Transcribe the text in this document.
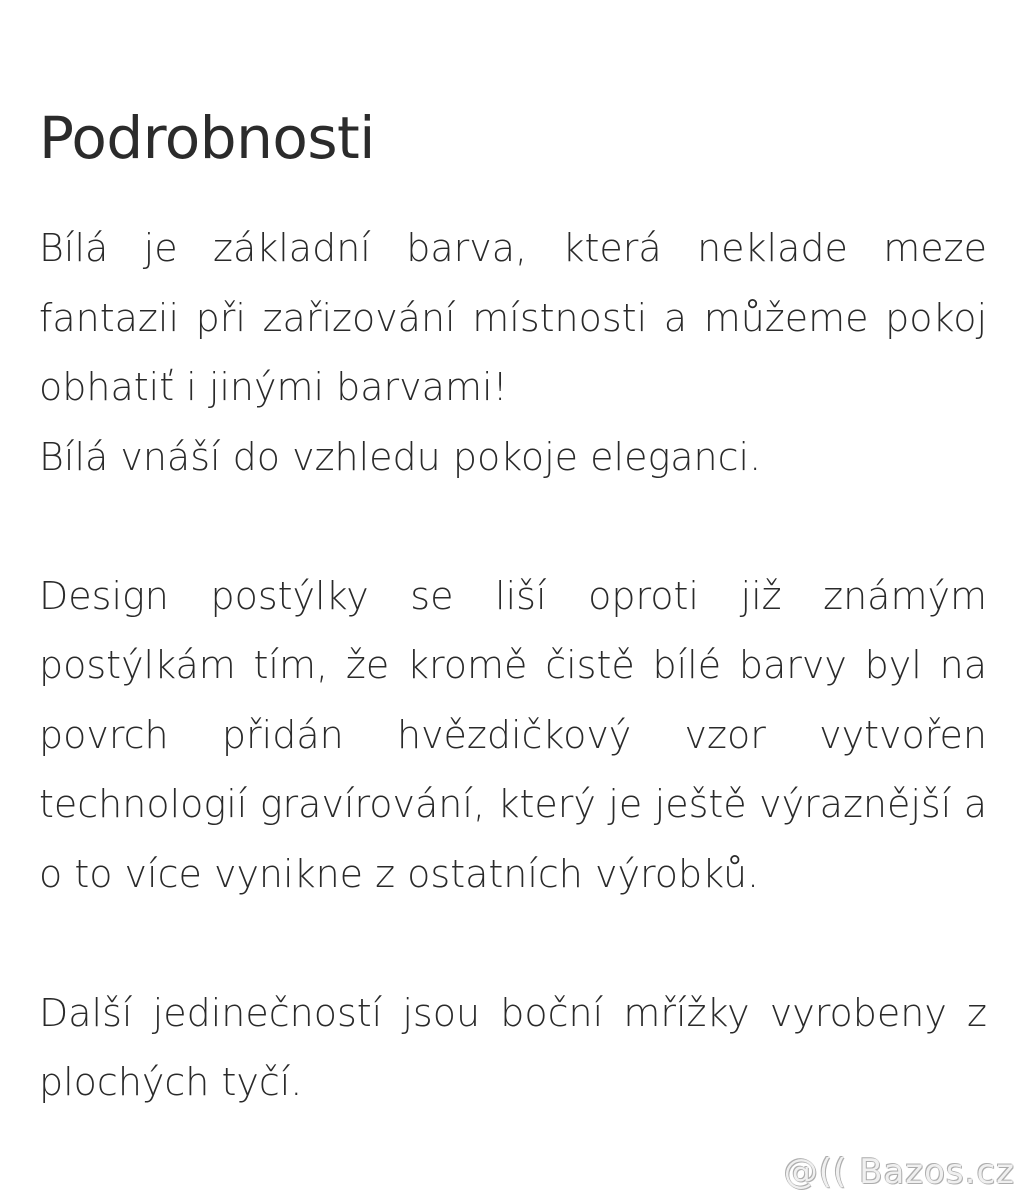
Podrobnosti
Bílá je základní barva, která neklade meze fantazii při zařizování místnosti a můžeme pokoj obhatiť i jinými barvami!
Bílá vnáší do vzhledu pokoje eleganci.
Design postýlky se liší oproti již známým postýlkám tím, že kromě čistě bílé barvy byl na povrch přidán hvězdičkový vzor vytvořen technologií gravírování, který je ještě výraznější a o to více vynikne z ostatních výrobků.
Další jedinečností jsou boční mřížky vyrobeny z plochých tyčí.
@(( Bazos.cz
